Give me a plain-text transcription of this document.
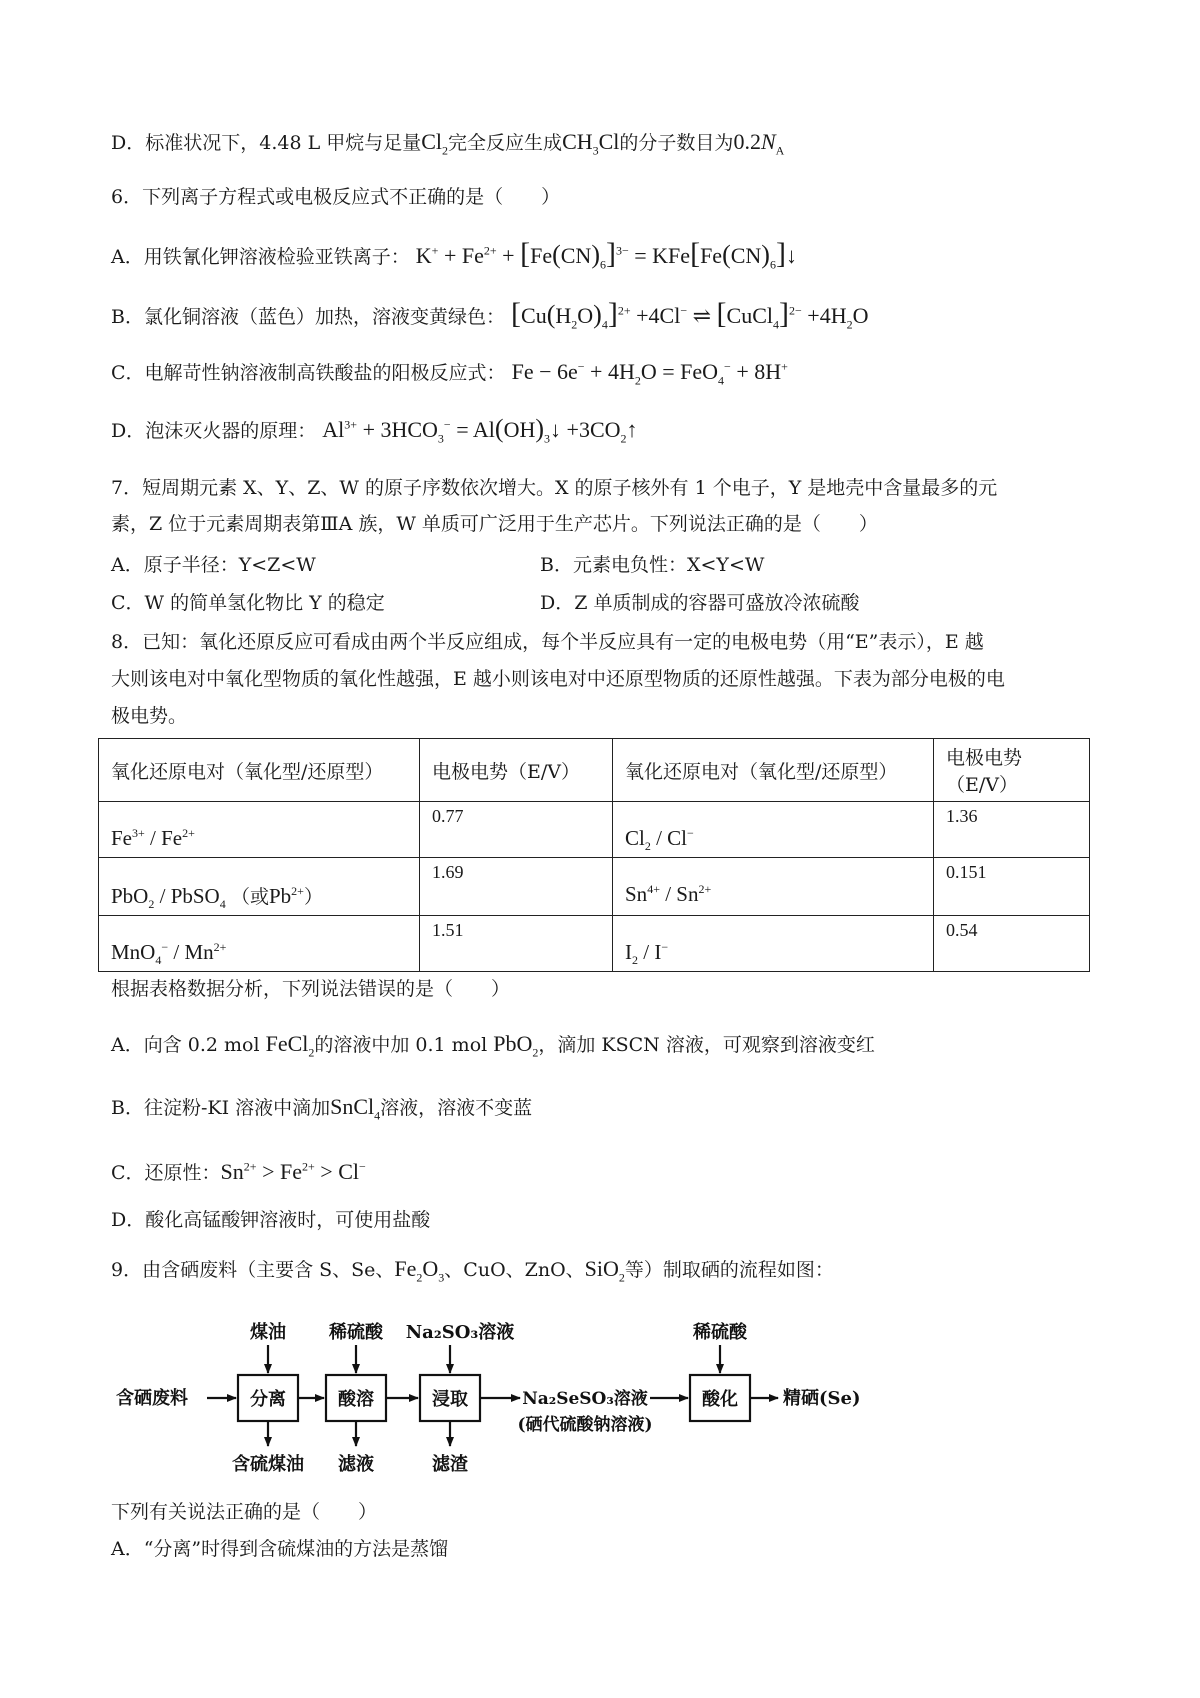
D．标准状况下，4.48 L 甲烷与足量$Cl_2$完全反应生成$CH_3Cl$的分子数目为$0.2N_A$
6．下列离子方程式或电极反应式不正确的是（　　）
A．用铁氰化钾溶液检验亚铁离子： $K^+ + Fe^{2+} + [Fe(CN)_6]^{3-}$ = $KFe[Fe(CN)_6]↓$
B．氯化铜溶液（蓝色）加热，溶液变黄绿色： $[Cu(H_2O)_4]^{2+} +4Cl^-$ ⇌ [CuCl$_4$]$^{2-}$ $+4H_2O$
C．电解苛性钠溶液制高铁酸盐的阳极反应式： $Fe - 6e^- + 4H_2O = FeO_4^- + 8H^+$
D．泡沫灭火器的原理： $Al^{3+} + 3HCO_3^-$ = $Al(OH)_3↓$ $+3CO_2↑$
7．短周期元素 X、Y、Z、W 的原子序数依次增大。X 的原子核外有 1 个电子，Y 是地壳中含量最多的元
素，Z 位于元素周期表第ⅢA 族，W 单质可广泛用于生产芯片。下列说法正确的是（　　）
A．原子半径：Y<Z<W	B．元素电负性：X<Y<W
C．W 的简单氢化物比 Y 的稳定	D．Z 单质制成的容器可盛放冷浓硫酸
8．已知：氧化还原反应可看成由两个半反应组成，每个半反应具有一定的电极电势（用“E”表示），E 越
大则该电对中氧化型物质的氧化性越强，E 越小则该电对中还原型物质的还原性越强。下表为部分电极的电
极电势。
氧化还原电对（氧化型/还原型）	电极电势（E/V）	氧化还原电对（氧化型/还原型）	电极电势（E/V）
$Fe^{3+} / Fe^{2+}$	0.77	$Cl_2 / Cl^-$	1.36
PbO$_2$ / PbSO$_4$ （或$Pb^{2+}$）	1.69	$Sn^{4+} / Sn^{2+}$	0.151
$MnO_4^- / Mn^{2+}$	1.51	$I_2 / I^-$	0.54
根据表格数据分析，下列说法错误的是（　　）
A．向含 0.2 mol FeCl$_2$的溶液中加 0.1 mol PbO$_2$，滴加 KSCN 溶液，可观察到溶液变红
B．往淀粉-KI 溶液中滴加SnCl$_4$溶液，溶液不变蓝
C．还原性：$Sn^{2+} > Fe^{2+} > Cl^-$
D．酸化高锰酸钾溶液时，可使用盐酸
9．由含硒废料（主要含 S、Se、$Fe_2O_3$、CuO、ZnO、SiO$_2$等）制取硒的流程如图：
含硒废料	分离
煤油
含硫煤油
酸溶
稀硫酸
滤液
浸取
Na₂SO₃溶液
滤渣
Na₂SeSO₃溶液
(硒代硫酸钠溶液)
酸化
稀硫酸
精硒(Se)
下列有关说法正确的是（　　）
A．“分离”时得到含硫煤油的方法是蒸馏
